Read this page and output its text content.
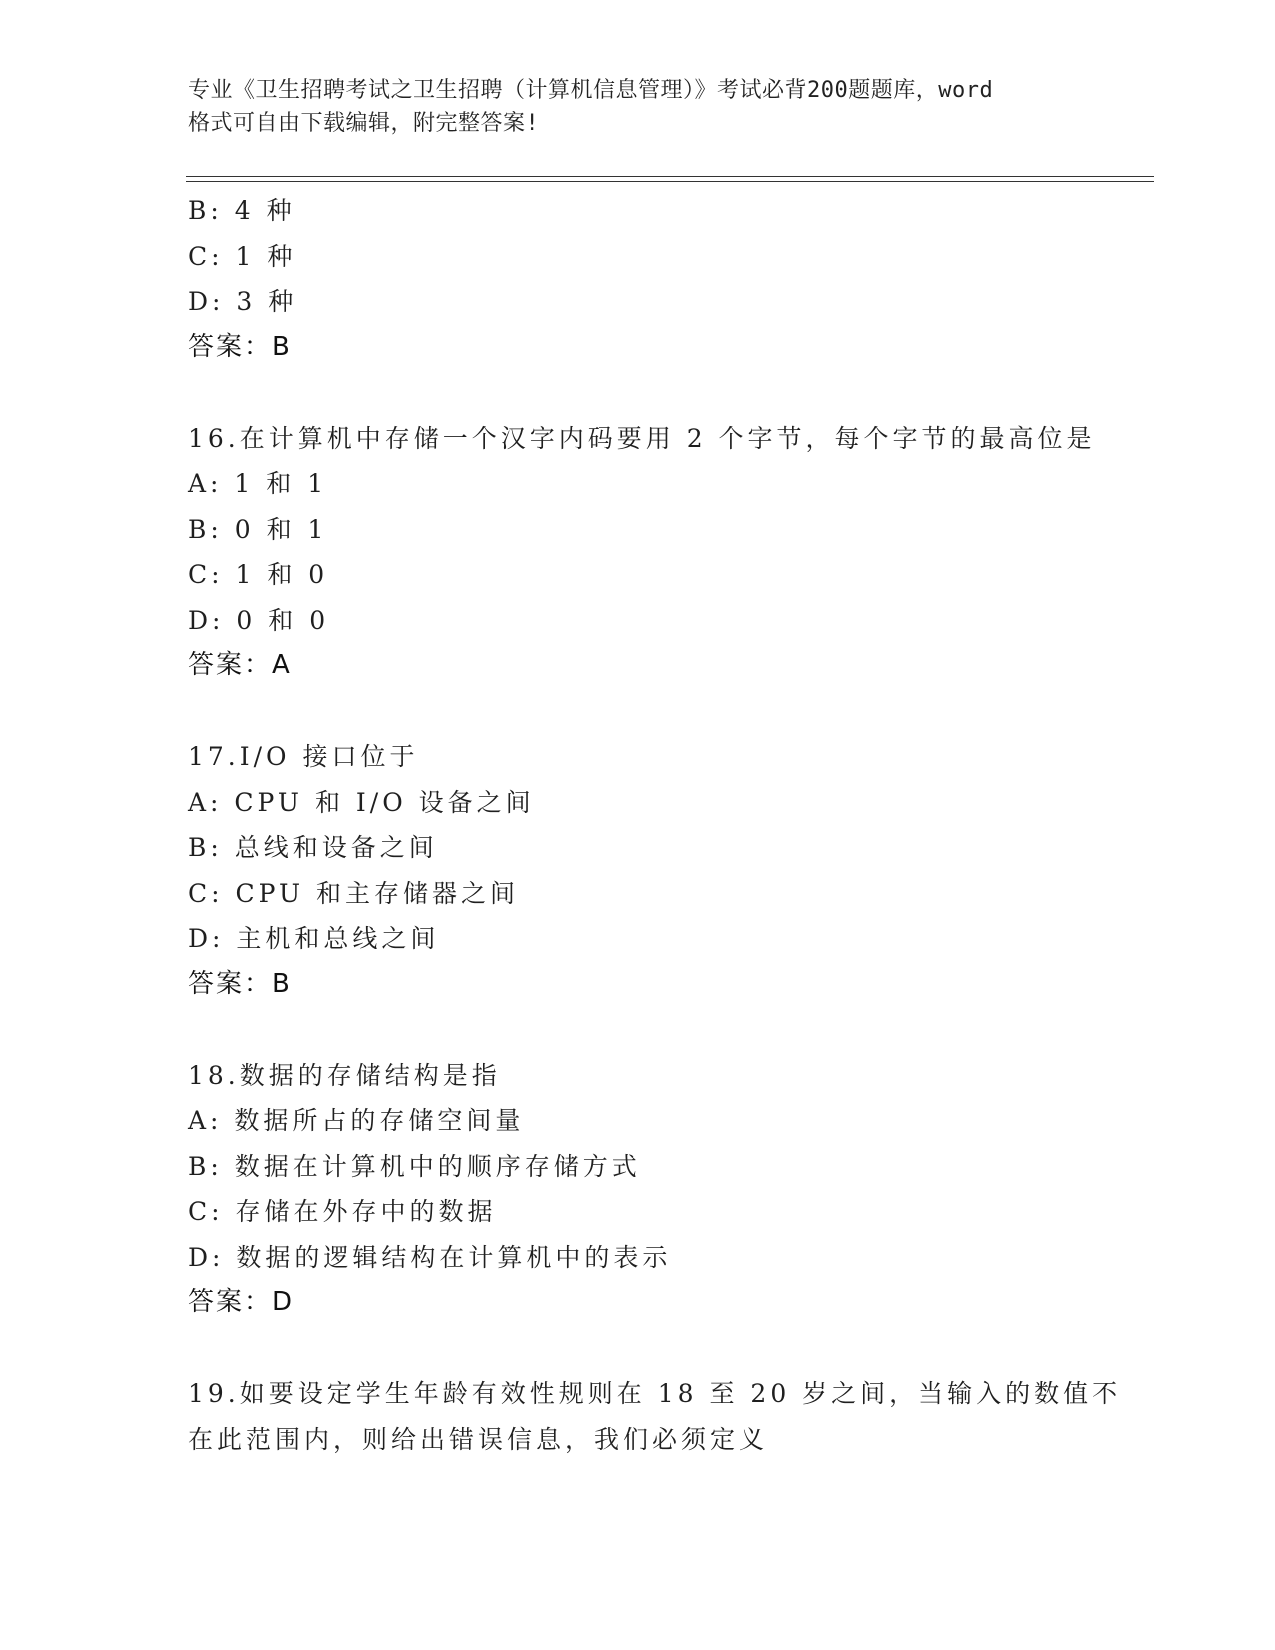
专业《卫生招聘考试之卫生招聘（计算机信息管理）》考试必背200题题库，word
格式可自由下载编辑，附完整答案!
B: 4 种
C: 1 种
D: 3 种
答案：B
16.在计算机中存储一个汉字内码要用 2 个字节，每个字节的最高位是
A: 1 和 1
B: 0 和 1
C: 1 和 0
D: 0 和 0
答案：A
17.I/O 接口位于
A: CPU 和 I/O 设备之间
B: 总线和设备之间
C: CPU 和主存储器之间
D: 主机和总线之间
答案：B
18.数据的存储结构是指
A: 数据所占的存储空间量
B: 数据在计算机中的顺序存储方式
C: 存储在外存中的数据
D: 数据的逻辑结构在计算机中的表示
答案：D
19.如要设定学生年龄有效性规则在 18 至 20 岁之间，当输入的数值不
在此范围内，则给出错误信息，我们必须定义
